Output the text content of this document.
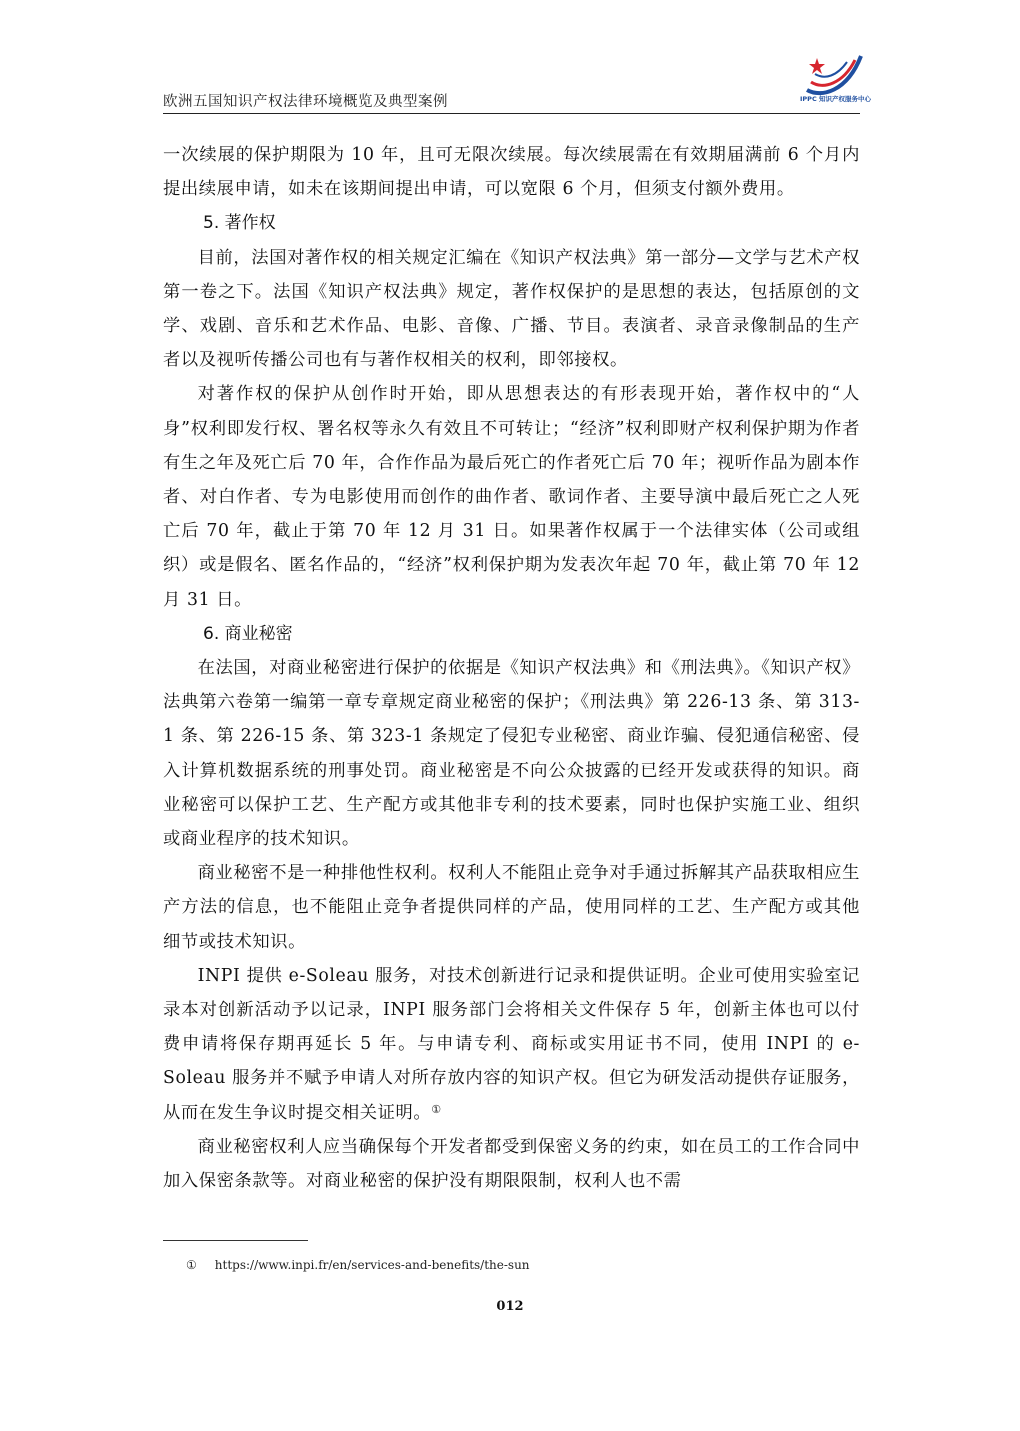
IPPC 知识产权服务中心
欧洲五国知识产权法律环境概览及典型案例

一次续展的保护期限为 10 年，且可无限次续展。每次续展需在有效期届满前 6 个月内提出续展申请，如未在该期间提出申请，可以宽限 6 个月，但须支付额外费用。

5. 著作权

目前，法国对著作权的相关规定汇编在《知识产权法典》第一部分—文学与艺术产权第一卷之下。法国《知识产权法典》规定，著作权保护的是思想的表达，包括原创的文学、戏剧、音乐和艺术作品、电影、音像、广播、节目。表演者、录音录像制品的生产者以及视听传播公司也有与著作权相关的权利，即邻接权。

对著作权的保护从创作时开始，即从思想表达的有形表现开始，著作权中的“人身”权利即发行权、署名权等永久有效且不可转让；“经济”权利即财产权利保护期为作者有生之年及死亡后 70 年，合作作品为最后死亡的作者死亡后 70 年；视听作品为剧本作者、对白作者、专为电影使用而创作的曲作者、歌词作者、主要导演中最后死亡之人死亡后 70 年，截止于第 70 年 12 月 31 日。如果著作权属于一个法律实体（公司或组织）或是假名、匿名作品的，“经济”权利保护期为发表次年起 70 年，截止第 70 年 12 月 31 日。

6. 商业秘密

在法国，对商业秘密进行保护的依据是《知识产权法典》和《刑法典》。《知识产权》法典第六卷第一编第一章专章规定商业秘密的保护；《刑法典》第 226-13 条、第 313-1 条、第 226-15 条、第 323-1 条规定了侵犯专业秘密、商业诈骗、侵犯通信秘密、侵入计算机数据系统的刑事处罚。商业秘密是不向公众披露的已经开发或获得的知识。商业秘密可以保护工艺、生产配方或其他非专利的技术要素，同时也保护实施工业、组织或商业程序的技术知识。

商业秘密不是一种排他性权利。权利人不能阻止竞争对手通过拆解其产品获取相应生产方法的信息，也不能阻止竞争者提供同样的产品，使用同样的工艺、生产配方或其他细节或技术知识。

INPI 提供 e-Soleau 服务，对技术创新进行记录和提供证明。企业可使用实验室记录本对创新活动予以记录，INPI 服务部门会将相关文件保存 5 年，创新主体也可以付费申请将保存期再延长 5 年。与申请专利、商标或实用证书不同，使用 INPI 的 e-Soleau 服务并不赋予申请人对所存放内容的知识产权。但它为研发活动提供存证服务，从而在发生争议时提交相关证明。①

商业秘密权利人应当确保每个开发者都受到保密义务的约束，如在员工的工作合同中加入保密条款等。对商业秘密的保护没有期限限制，权利人也不需

① https://www.inpi.fr/en/services-and-benefits/the-sun
012
